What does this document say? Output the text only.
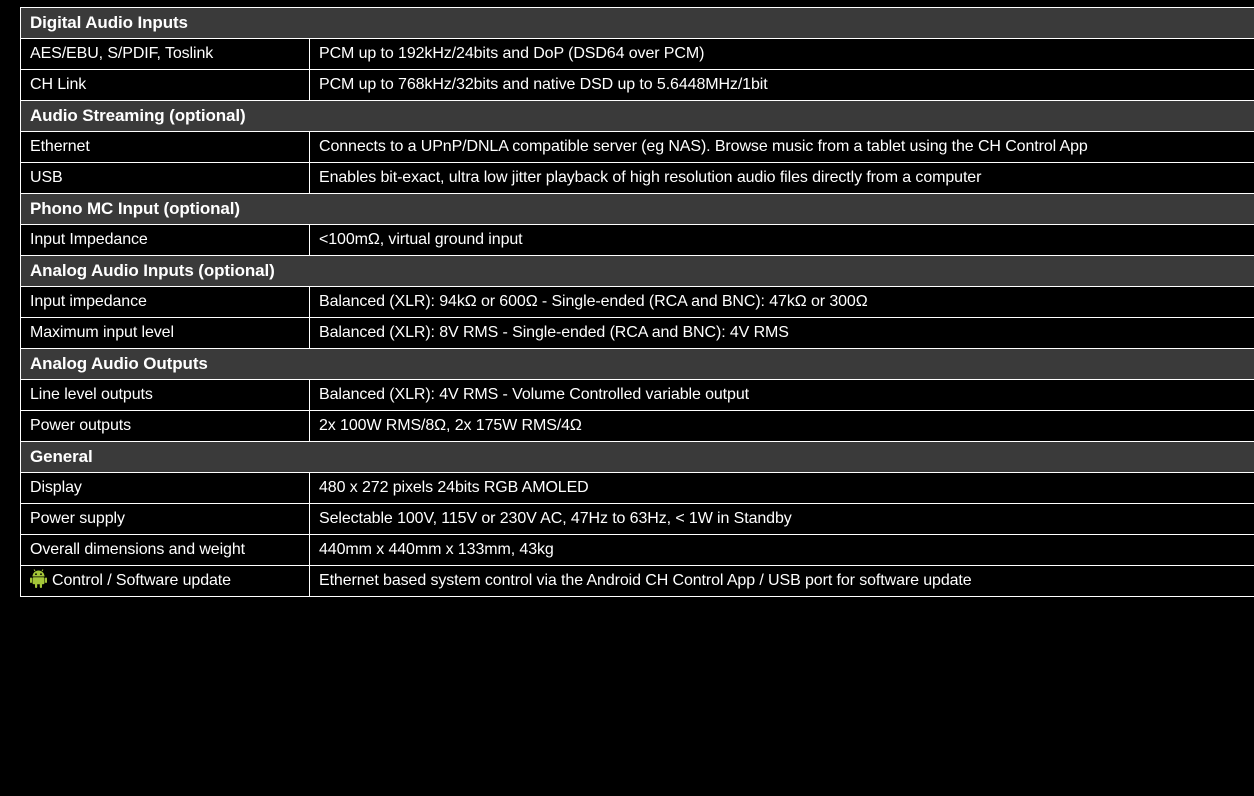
Digital Audio Inputs	
AES/EBU, S/PDIF, Toslink	PCM up to 192kHz/24bits and DoP (DSD64 over PCM)
CH Link	PCM up to 768kHz/32bits and native DSD up to 5.6448MHz/1bit
Audio Streaming (optional)	
Ethernet	Connects to a UPnP/DNLA compatible server (eg NAS). Browse music from a tablet using the CH Control App
USB	Enables bit-exact, ultra low jitter playback of high resolution audio files directly from a computer
Phono MC Input (optional)	
Input Impedance	<100mΩ, virtual ground input
Analog Audio Inputs (optional)	
Input impedance	Balanced (XLR): 94kΩ or 600Ω - Single-ended (RCA and BNC): 47kΩ or 300Ω
Maximum input level	Balanced (XLR): 8V RMS - Single-ended (RCA and BNC): 4V RMS
Analog Audio Outputs	
Line level outputs	Balanced (XLR): 4V RMS - Volume Controlled variable output
Power outputs	2x 100W RMS/8Ω, 2x 175W RMS/4Ω
General	
Display	480 x 272 pixels 24bits RGB AMOLED
Power supply	Selectable 100V, 115V or 230V AC, 47Hz to 63Hz, < 1W in Standby
Overall dimensions and weight	440mm x 440mm x 133mm, 43kg
Control / Software update	Ethernet based system control via the Android CH Control App / USB port for software update
